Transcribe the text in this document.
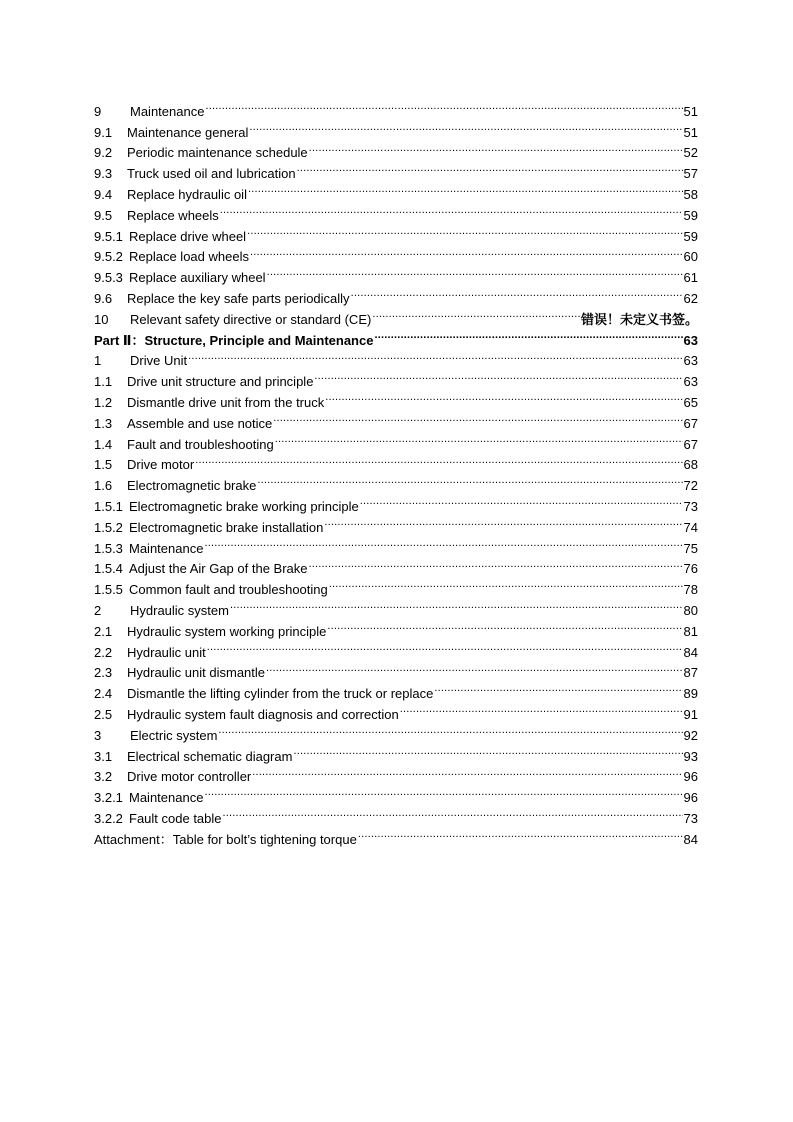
9	Maintenance .....	51
9.1	Maintenance general .....	51
9.2	Periodic maintenance schedule .....	52
9.3	Truck used oil and lubrication .....	57
9.4	Replace hydraulic oil .....	58
9.5	Replace wheels .....	59
9.5.1 Replace drive wheel .....	59
9.5.2 Replace load wheels .....	60
9.5.3 Replace auxiliary wheel .....	61
9.6	Replace the key safe parts periodically .....	62
10	Relevant safety directive or standard (CE) .....	错误！未定义书签。
Part Ⅱ：Structure, Principle and Maintenance .....	63
1	Drive Unit .....	63
1.1	Drive unit structure and principle .....	63
1.2	Dismantle drive unit from the truck .....	65
1.3	Assemble and use notice .....	67
1.4	Fault and troubleshooting .....	67
1.5	Drive motor .....	68
1.6	Electromagnetic brake .....	72
1.5.1 Electromagnetic brake working principle .....	73
1.5.2 Electromagnetic brake installation .....	74
1.5.3 Maintenance .....	75
1.5.4 Adjust the Air Gap of the Brake .....	76
1.5.5 Common fault and troubleshooting .....	78
2	Hydraulic system .....	80
2.1	Hydraulic system working principle .....	81
2.2	Hydraulic unit .....	84
2.3	Hydraulic unit dismantle .....	87
2.4	Dismantle the lifting cylinder from the truck or replace .....	89
2.5	Hydraulic system fault diagnosis and correction .....	91
3	Electric system .....	92
3.1	Electrical schematic diagram .....	93
3.2	Drive motor controller .....	96
3.2.1 Maintenance .....	96
3.2.2 Fault code table .....	73
Attachment：Table for bolt’s tightening torque .....	84
